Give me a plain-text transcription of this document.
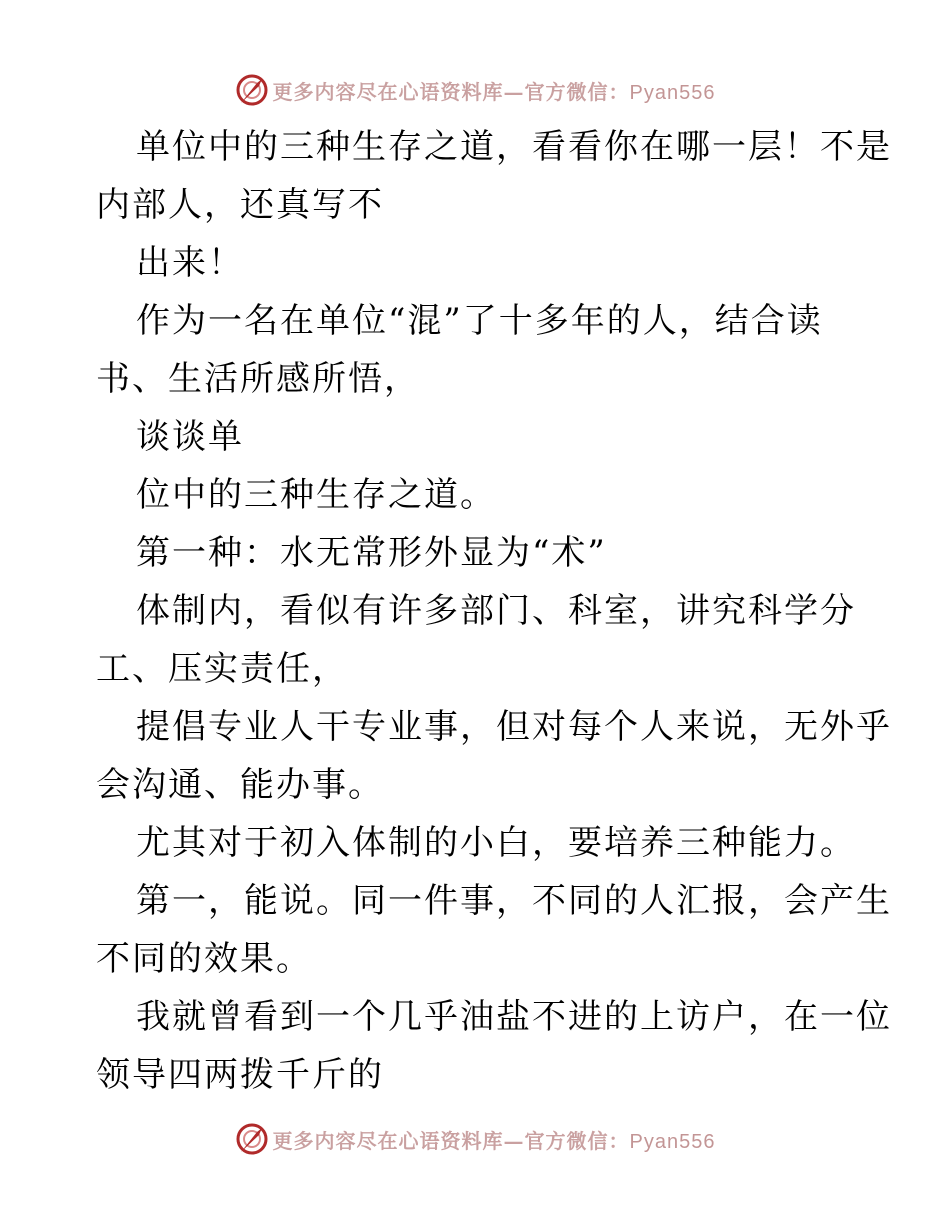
更多内容尽在心语资料库—官方微信：Pyan556
单位中的三种生存之道，看看你在哪一层！不是
内部人，还真写不
出来！
作为一名在单位“混”了十多年的人，结合读
书、生活所感所悟，
谈谈单
位中的三种生存之道。
第一种：水无常形外显为“术”
体制内，看似有许多部门、科室，讲究科学分
工、压实责任，
提倡专业人干专业事，但对每个人来说，无外乎
会沟通、能办事。
尤其对于初入体制的小白，要培养三种能力。
第一，能说。同一件事，不同的人汇报，会产生
不同的效果。
我就曾看到一个几乎油盐不进的上访户，在一位
领导四两拨千斤的
更多内容尽在心语资料库—官方微信：Pyan556
